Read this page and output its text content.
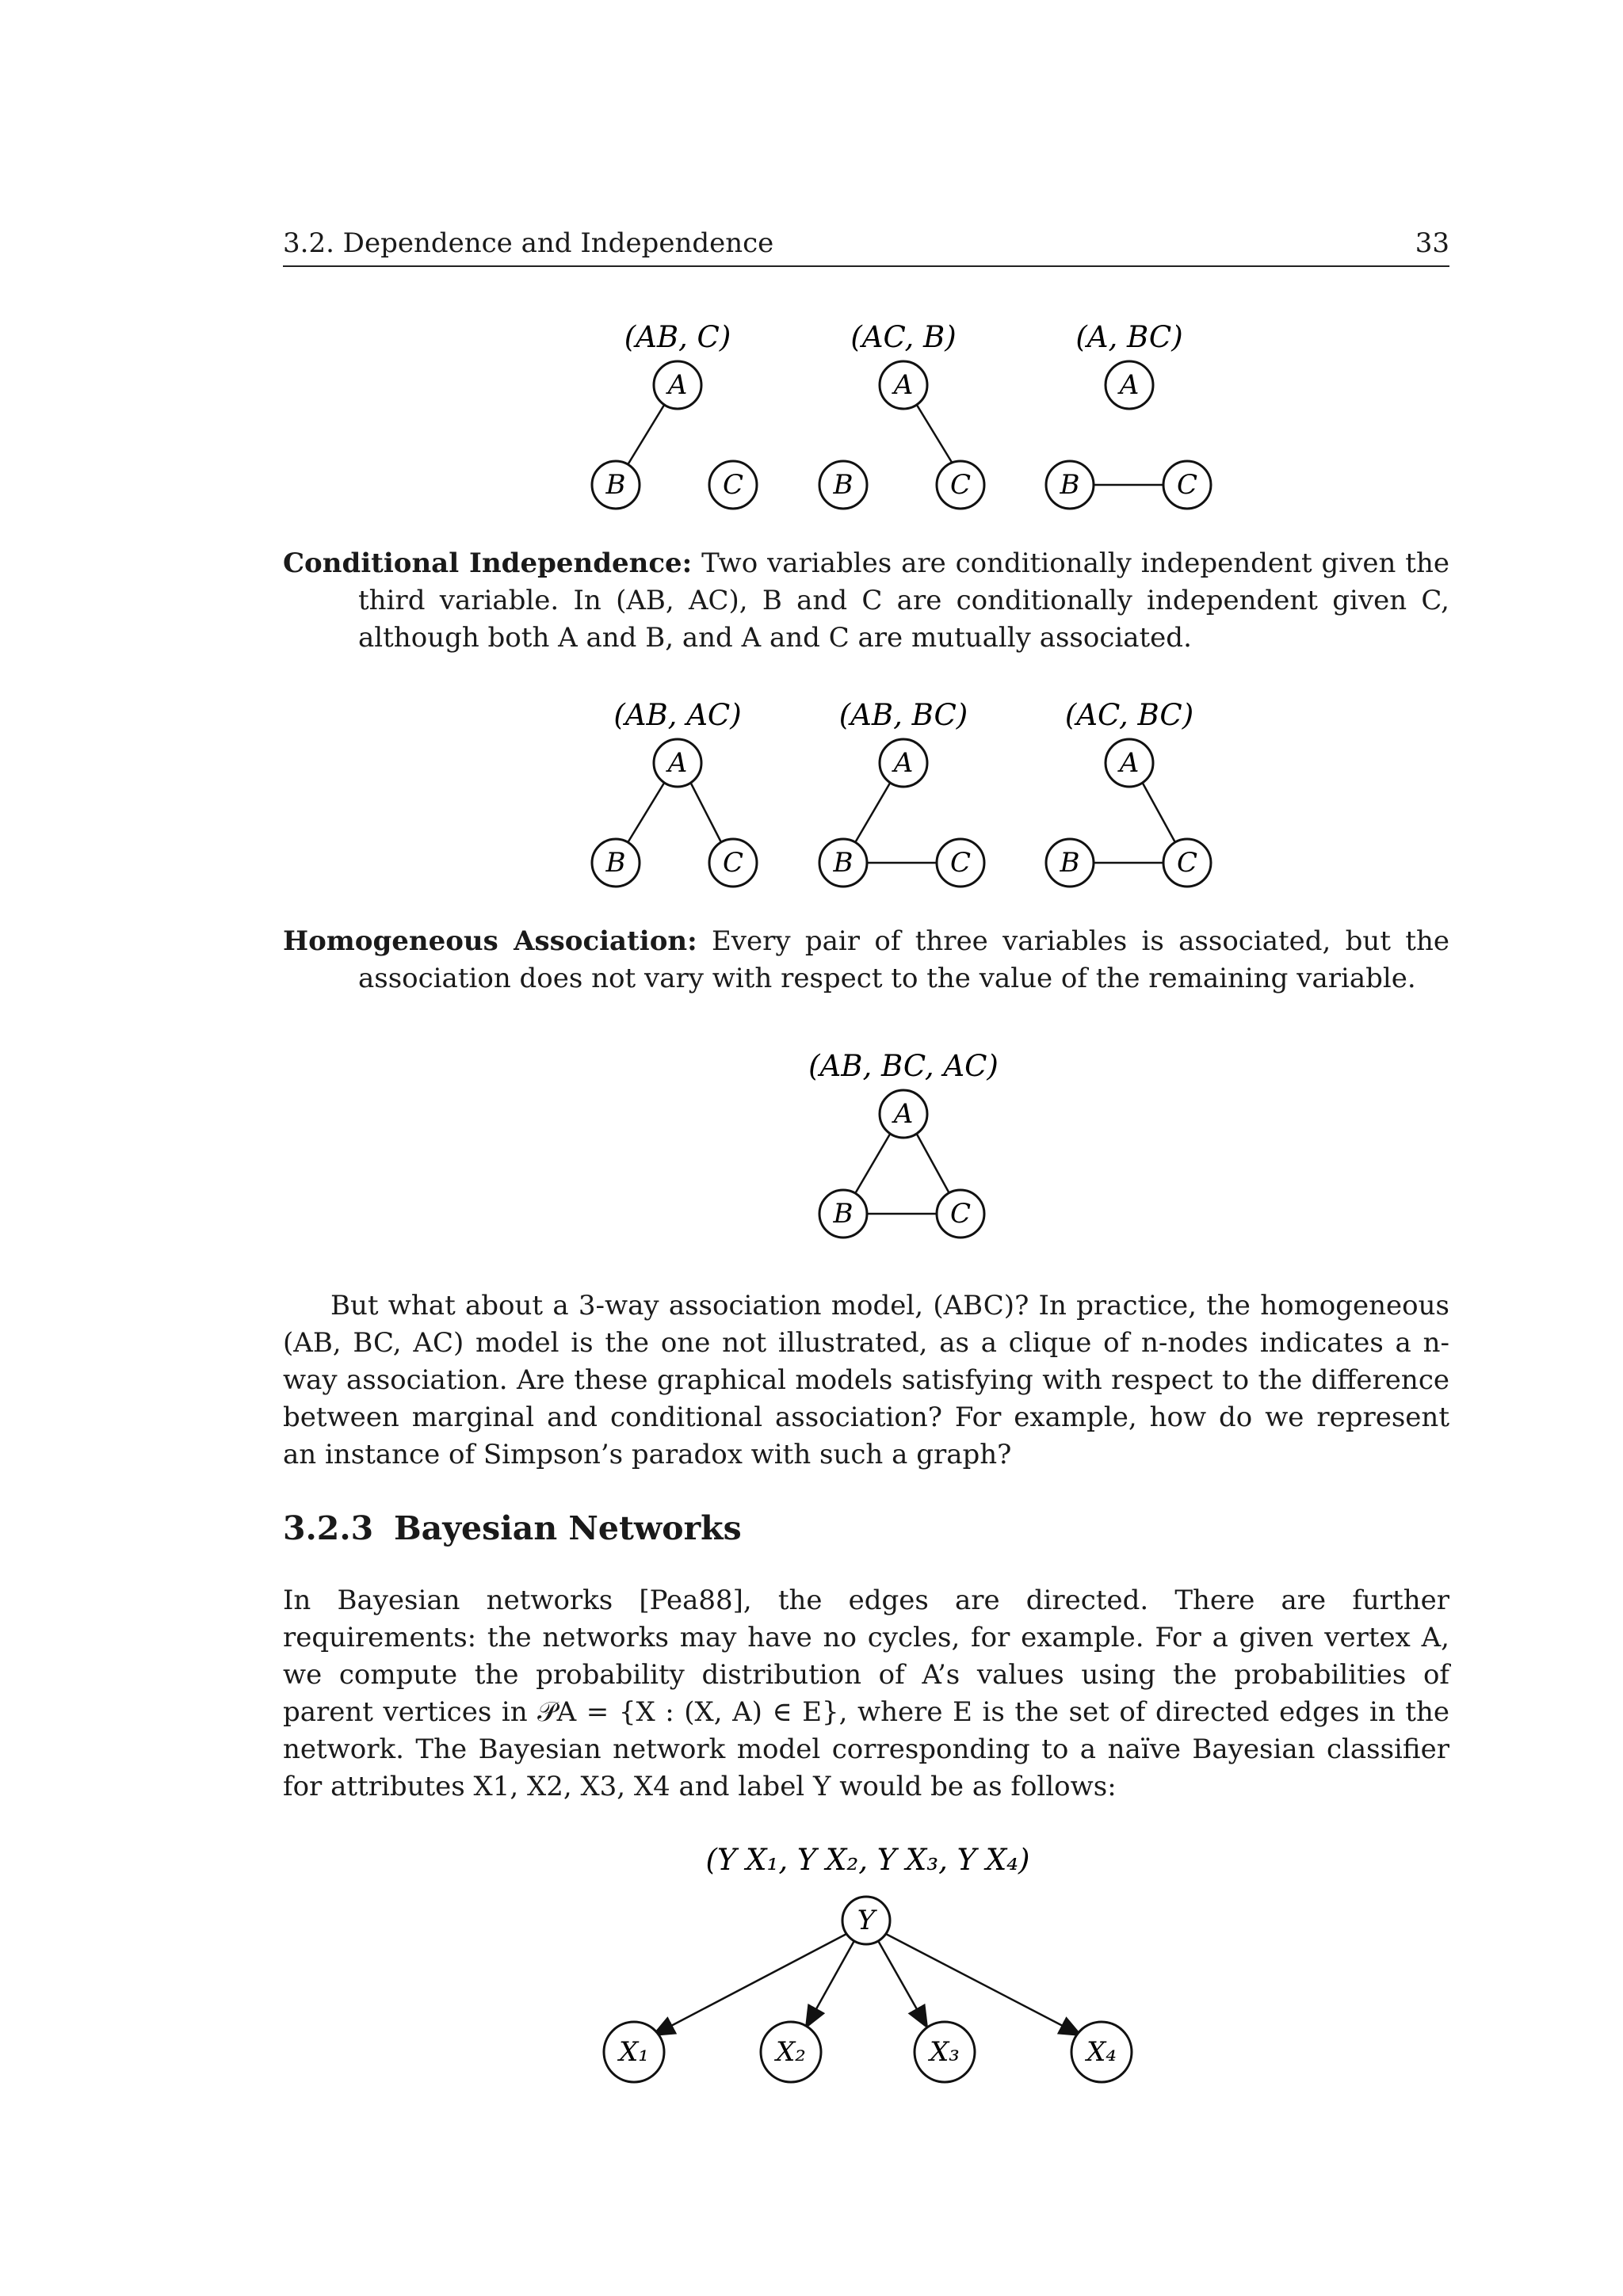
3.2. Dependence and Independence	33
(AB, C)
A
B	C
(AC, B)
A
B	C
(A, BC)
A
B	C
Conditional Independence: Two variables are conditionally independent given the third variable. In (AB, AC), B and C are conditionally independent given C, although both A and B, and A and C are mutually associated.
(AB, AC)
A
B	C
(AB, BC)
A
B	C
(AC, BC)
A
B	C
Homogeneous Association: Every pair of three variables is associated, but the association does not vary with respect to the value of the remaining variable.
(AB, BC, AC)
A
B	C
But what about a 3-way association model, (ABC)? In practice, the homogeneous (AB, BC, AC) model is the one not illustrated, as a clique of n-nodes indicates a n-way association. Are these graphical models satisfying with respect to the difference between marginal and conditional association? For example, how do we represent an instance of Simpson’s paradox with such a graph?
3.2.3 Bayesian Networks
In Bayesian networks [Pea88], the edges are directed. There are further requirements: the networks may have no cycles, for example. For a given vertex A, we compute the probability distribution of A’s values using the probabilities of parent vertices in 𝒫A = {X : (X, A) ∈ E}, where E is the set of directed edges in the network. The Bayesian network model corresponding to a naïve Bayesian classifier for attributes X1, X2, X3, X4 and label Y would be as follows:
(Y X₁, Y X₂, Y X₃, Y X₄)
Y
X₁	X₂	X₃	X₄
